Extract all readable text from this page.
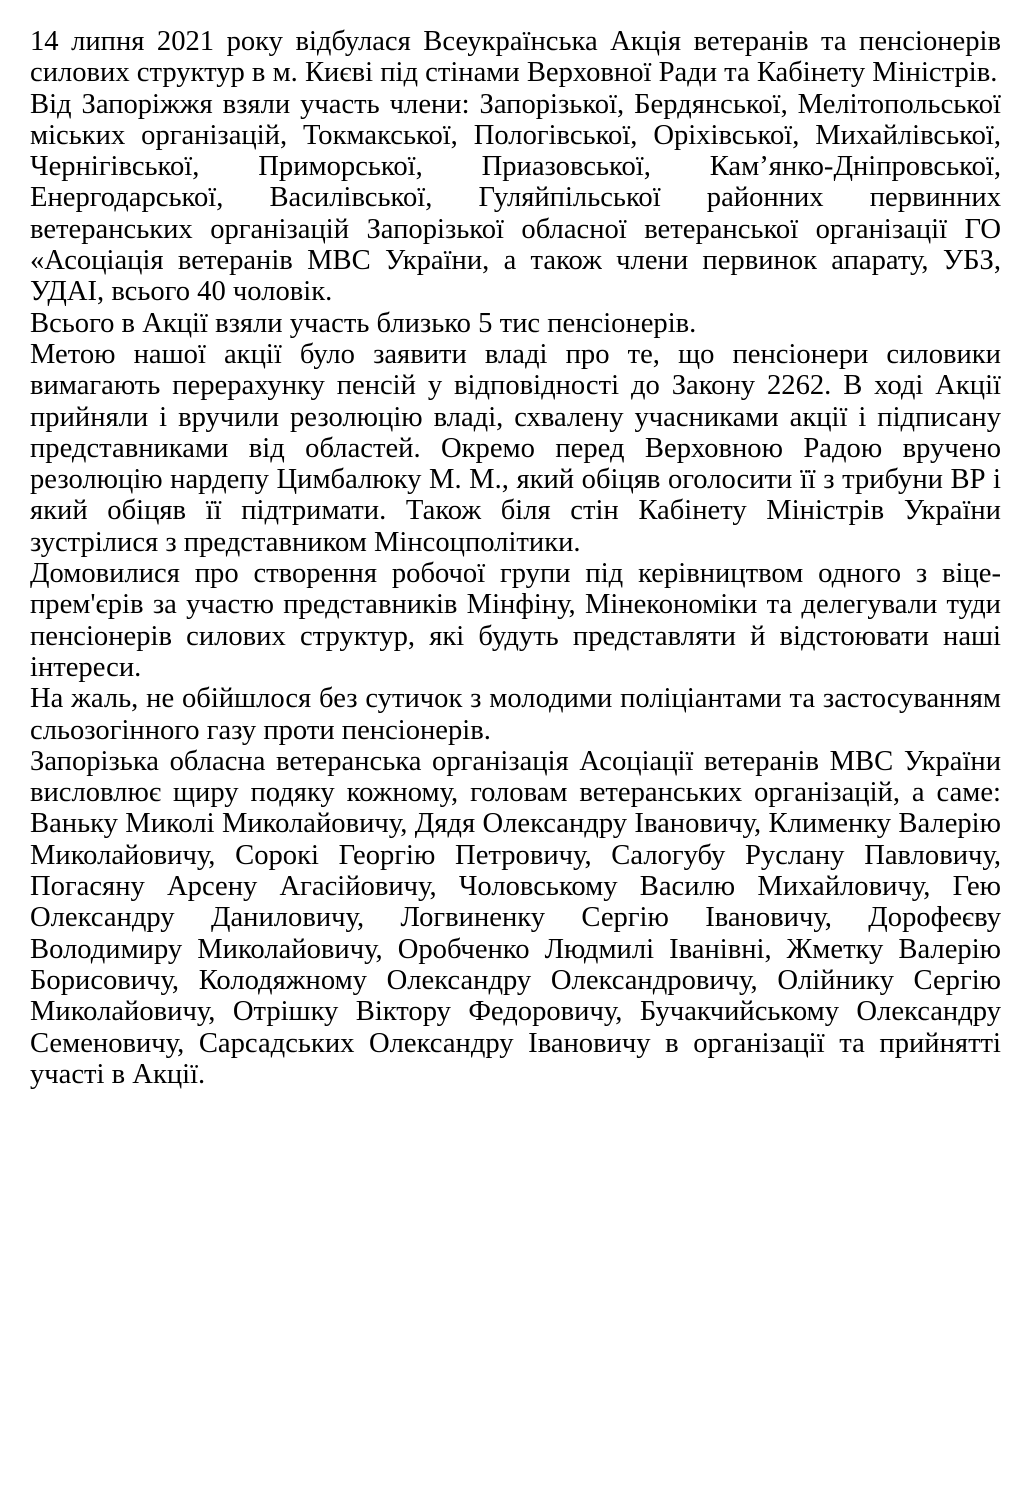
14 липня 2021 року відбулася Всеукраїнська Акція ветеранів та пенсіонерів силових структур в м. Києві під стінами Верховної Ради та Кабінету Міністрів.

Від Запоріжжя взяли участь члени: Запорізької, Бердянської, Мелітопольської міських організацій, Токмакської, Пологівської, Оріхівської, Михайлівської, Чернігівської, Приморської, Приазовської, Кам’янко-Дніпровської, Енергодарської, Василівської, Гуляйпільської районних первинних ветеранських організацій Запорізької обласної ветеранської організації ГО «Асоціація ветеранів МВС України, а також члени первинок апарату, УБЗ, УДАІ, всього 40 чоловік.

Всього в Акції взяли участь близько 5 тис пенсіонерів.

Метою нашої акції було заявити владі про те, що пенсіонери силовики вимагають перерахунку пенсій у відповідності до Закону 2262. В ході Акції прийняли і вручили резолюцію владі, схвалену учасниками акції і підписану представниками від областей. Окремо перед Верховною Радою вручено резолюцію нардепу Цимбалюку М. М., який обіцяв оголосити її з трибуни ВР і який обіцяв її підтримати. Також біля стін Кабінету Міністрів України зустрілися з представником Мінсоцполітики.

Домовилися про створення робочої групи під керівництвом одного з віце-прем'єрів за участю представників Мінфіну, Мінекономіки та делегували туди пенсіонерів силових структур, які будуть представляти й відстоювати наші інтереси.

На жаль, не обійшлося без сутичок з молодими поліціантами та застосуванням сльозогінного газу проти пенсіонерів.

Запорізька обласна ветеранська організація Асоціації ветеранів МВС України висловлює щиру подяку кожному, головам ветеранських організацій, а саме: Ваньку Миколі Миколайовичу, Дядя Олександру Івановичу, Клименку Валерію Миколайовичу, Сорокі Георгію Петровичу, Салогубу Руслану Павловичу, Погасяну Арсену Агасійовичу, Чоловському Василю Михайловичу, Гею Олександру Даниловичу, Логвиненку Сергію Івановичу, Дорофеєву Володимиру Миколайовичу, Оробченко Людмилі Іванівні, Жметку Валерію Борисовичу, Колодяжному Олександру Олександровичу, Олійнику Сергію Миколайовичу, Отрішку Віктору Федоровичу, Бучакчийському Олександру Семеновичу, Сарсадських Олександру Івановичу в організації та прийнятті участі в Акції.
